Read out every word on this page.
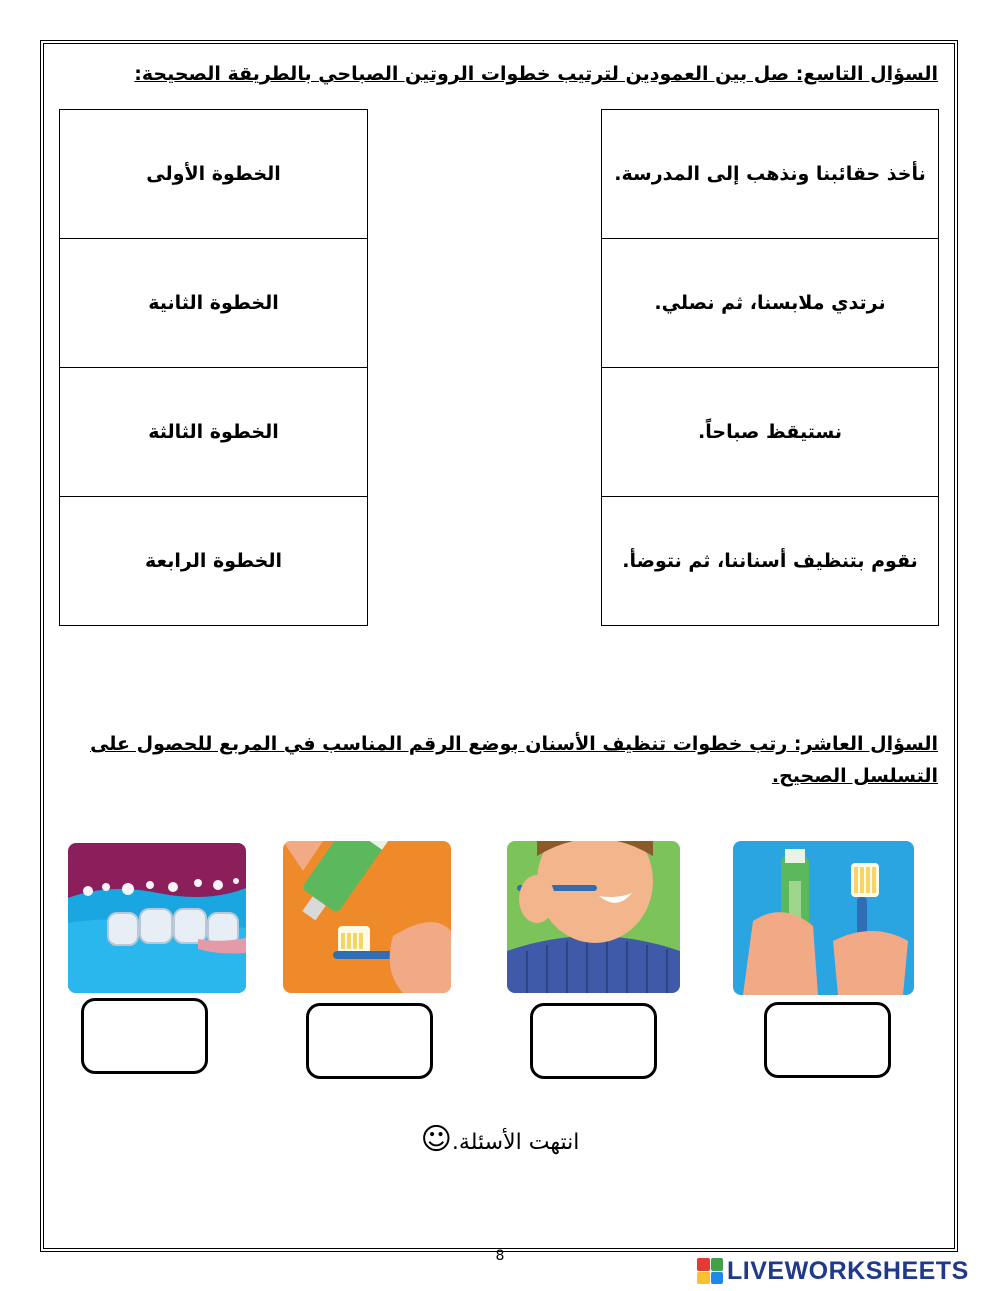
السؤال التاسع: صل بين العمودين لترتيب خطوات الروتين الصباحي بالطريقة الصحيحة:
نأخذ حقائبنا ونذهب إلى المدرسة.
نرتدي ملابسنا، ثم نصلي.
نستيقظ صباحاً.
نقوم بتنظيف أسناننا، ثم نتوضأ.
الخطوة الأولى
الخطوة الثانية
الخطوة الثالثة
الخطوة الرابعة
السؤال العاشر: رتب خطوات تنظيف الأسنان بوضع الرقم المناسب في المربع للحصول على التسلسل الصحيح.
انتهت الأسئلة.☺
8
LIVEWORKSHEETS
